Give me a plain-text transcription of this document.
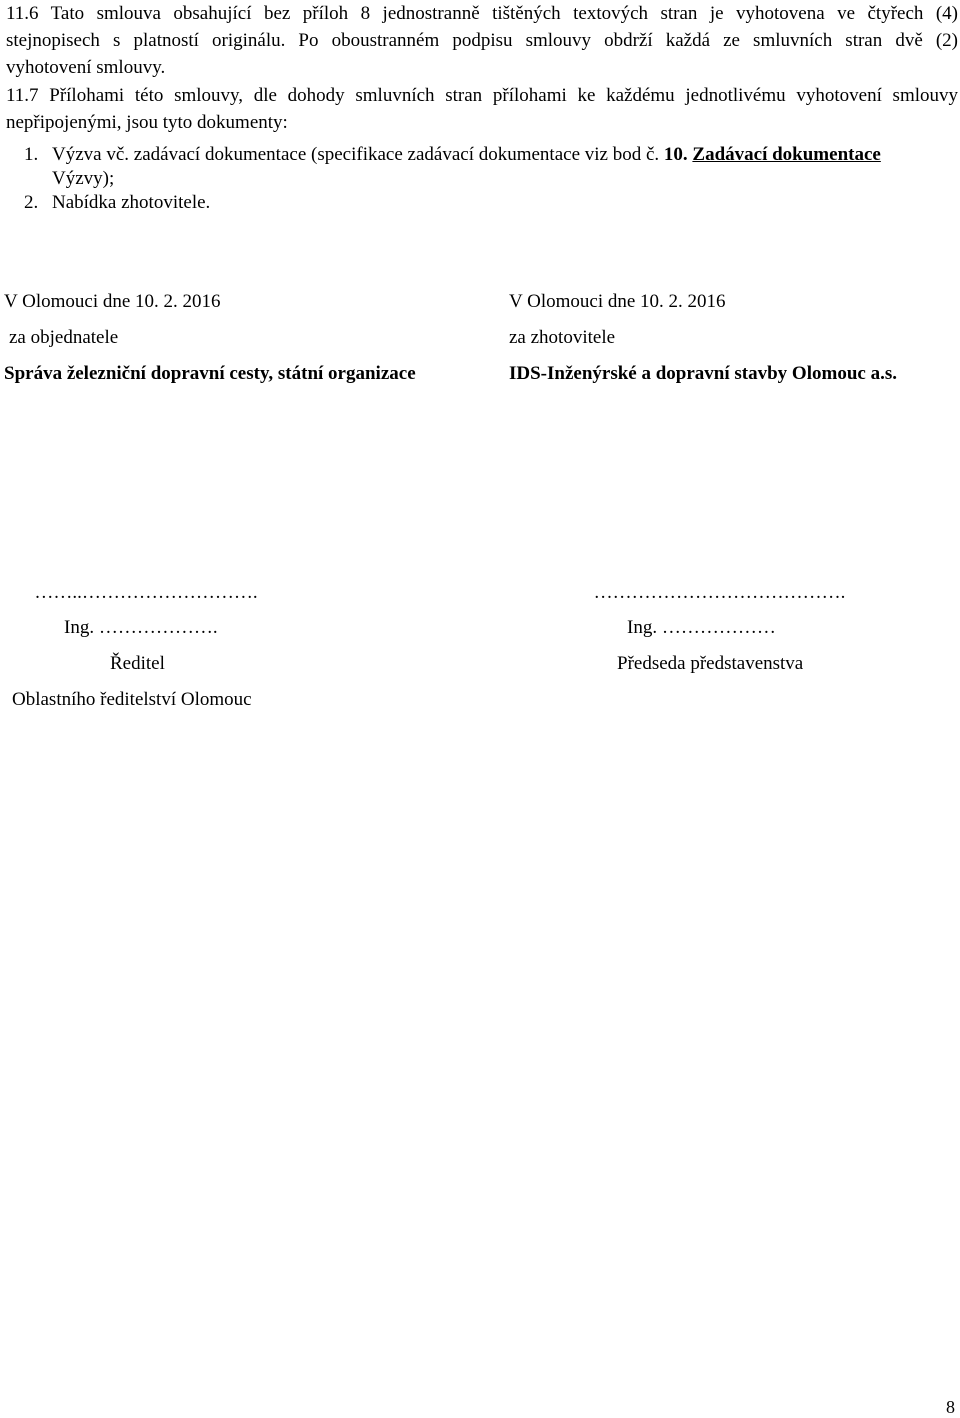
11.6 Tato smlouva obsahující bez příloh 8 jednostranně tištěných textových stran je vyhotovena ve čtyřech (4)
stejnopisech s platností originálu. Po oboustranném podpisu smlouvy obdrží každá ze smluvních stran dvě (2)
vyhotovení smlouvy.
11.7 Přílohami této smlouvy, dle dohody smluvních stran přílohami ke každému jednotlivému vyhotovení smlouvy
nepřipojenými, jsou tyto dokumenty:
1. Výzva vč. zadávací dokumentace (specifikace zadávací dokumentace viz bod č. 10. Zadávací dokumentace
Výzvy);
2. Nabídka zhotovitele.
V Olomouci dne 10. 2. 2016
za objednatele
Správa železniční dopravní cesty, státní organizace
V Olomouci dne 10. 2. 2016
za zhotovitele
IDS-Inženýrské a dopravní stavby Olomouc a.s.
……..……………………….	………………………………….
Ing. ……………….	Ing. ………………
Ředitel	Předseda představenstva
Oblastního ředitelství Olomouc
8
